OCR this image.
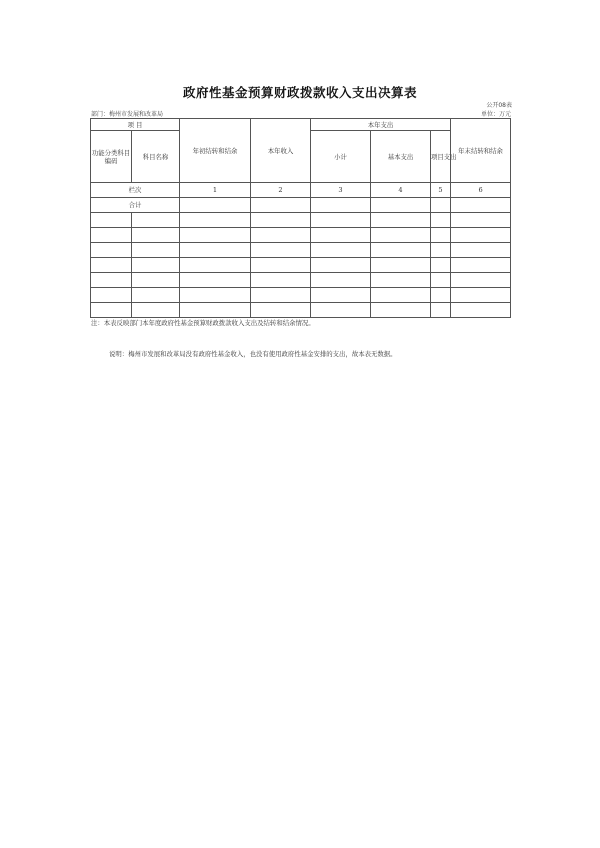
政府性基金预算财政拨款收入支出决算表
公开08表
部门：梅州市发展和改革局	单位：万元
项 目		年初结转和结余	本年收入	本年支出			年末结转和结余
功能分类科目编码	科目名称			小计	基本支出	项目支出	

栏次		1	2	3	4	5	6
合计							

注：本表反映部门本年度政府性基金预算财政拨款收入支出及结转和结余情况。
说明：梅州市发展和改革局没有政府性基金收入，也没有使用政府性基金安排的支出，故本表无数据。
